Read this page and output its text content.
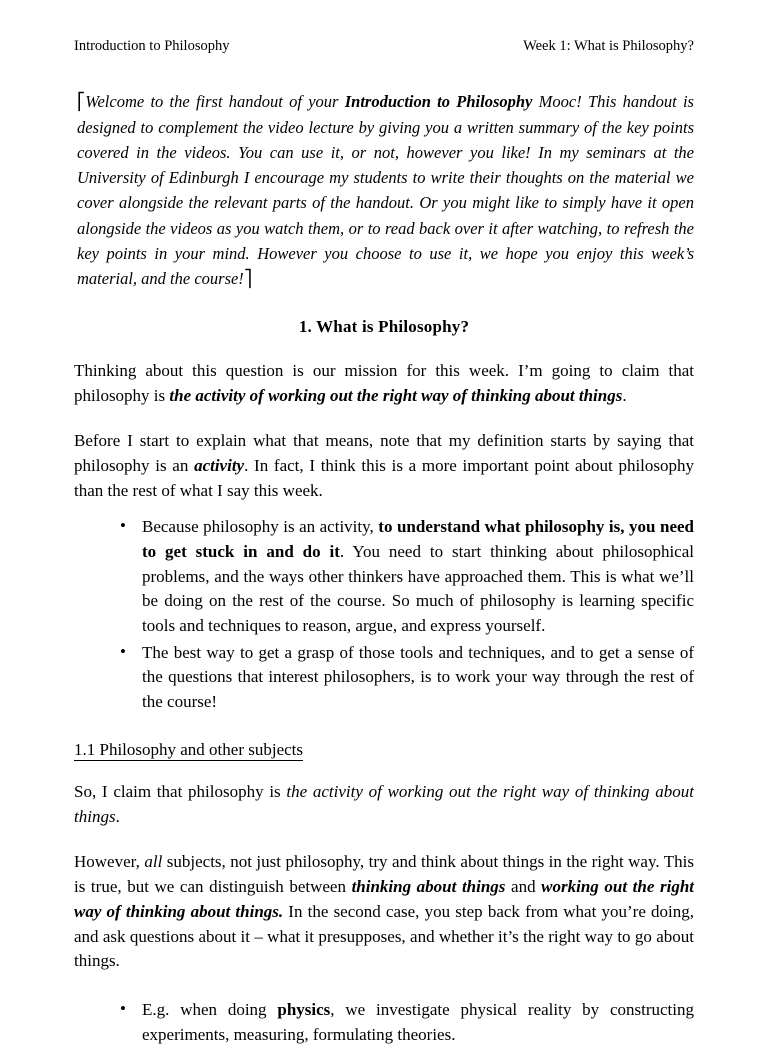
Introduction to Philosophy	Week 1: What is Philosophy?

⎡Welcome to the first handout of your Introduction to Philosophy Mooc! This handout is designed to complement the video lecture by giving you a written summary of the key points covered in the videos. You can use it, or not, however you like! In my seminars at the University of Edinburgh I encourage my students to write their thoughts on the material we cover alongside the relevant parts of the handout. Or you might like to simply have it open alongside the videos as you watch them, or to read back over it after watching, to refresh the key points in your mind. However you choose to use it, we hope you enjoy this week’s material, and the course!⎤

1. What is Philosophy?

Thinking about this question is our mission for this week. I’m going to claim that philosophy is the activity of working out the right way of thinking about things.

Before I start to explain what that means, note that my definition starts by saying that philosophy is an activity. In fact, I think this is a more important point about philosophy than the rest of what I say this week.

• Because philosophy is an activity, to understand what philosophy is, you need to get stuck in and do it. You need to start thinking about philosophical problems, and the ways other thinkers have approached them. This is what we’ll be doing on the rest of the course. So much of philosophy is learning specific tools and techniques to reason, argue, and express yourself.
• The best way to get a grasp of those tools and techniques, and to get a sense of the questions that interest philosophers, is to work your way through the rest of the course!
1.1 Philosophy and other subjects

So, I claim that philosophy is the activity of working out the right way of thinking about things.

However, all subjects, not just philosophy, try and think about things in the right way. This is true, but we can distinguish between thinking about things and working out the right way of thinking about things. In the second case, you step back from what you’re doing, and ask questions about it – what it presupposes, and whether it’s the right way to go about things.

• E.g. when doing physics, we investigate physical reality by constructing experiments, measuring, formulating theories.
